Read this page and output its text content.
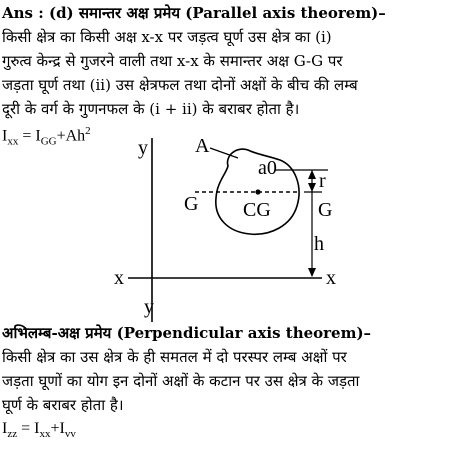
Ans : (d) समान्तर अक्ष प्रमेय (Parallel axis theorem)–
किसी क्षेत्र का किसी अक्ष x-x पर जड़त्व घूर्ण उस क्षेत्र का (i)
गुरुत्व केन्द्र से गुजरने वाली तथा x-x के समान्तर अक्ष G-G पर
जड़ता घूर्ण तथा (ii) उस क्षेत्रफल तथा दोनों अक्षों के बीच की लम्ब
दूरी के वर्ग के गुणनफल के (i + ii) के बराबर होता है।
$I_{xx} = I_{GG}+Ah^2$
y
y
x	x
A
a0
G	G
CG
r
h
अभिलम्ब-अक्ष प्रमेय (Perpendicular axis theorem)–
किसी क्षेत्र का उस क्षेत्र के ही समतल में दो परस्पर लम्ब अक्षों पर
जड़ता घूणों का योग इन दोनों अक्षों के कटान पर उस क्षेत्र के जड़ता
घूर्ण के बराबर होता है।
$I_{zz} = I_{xx}+I_{vv}$
